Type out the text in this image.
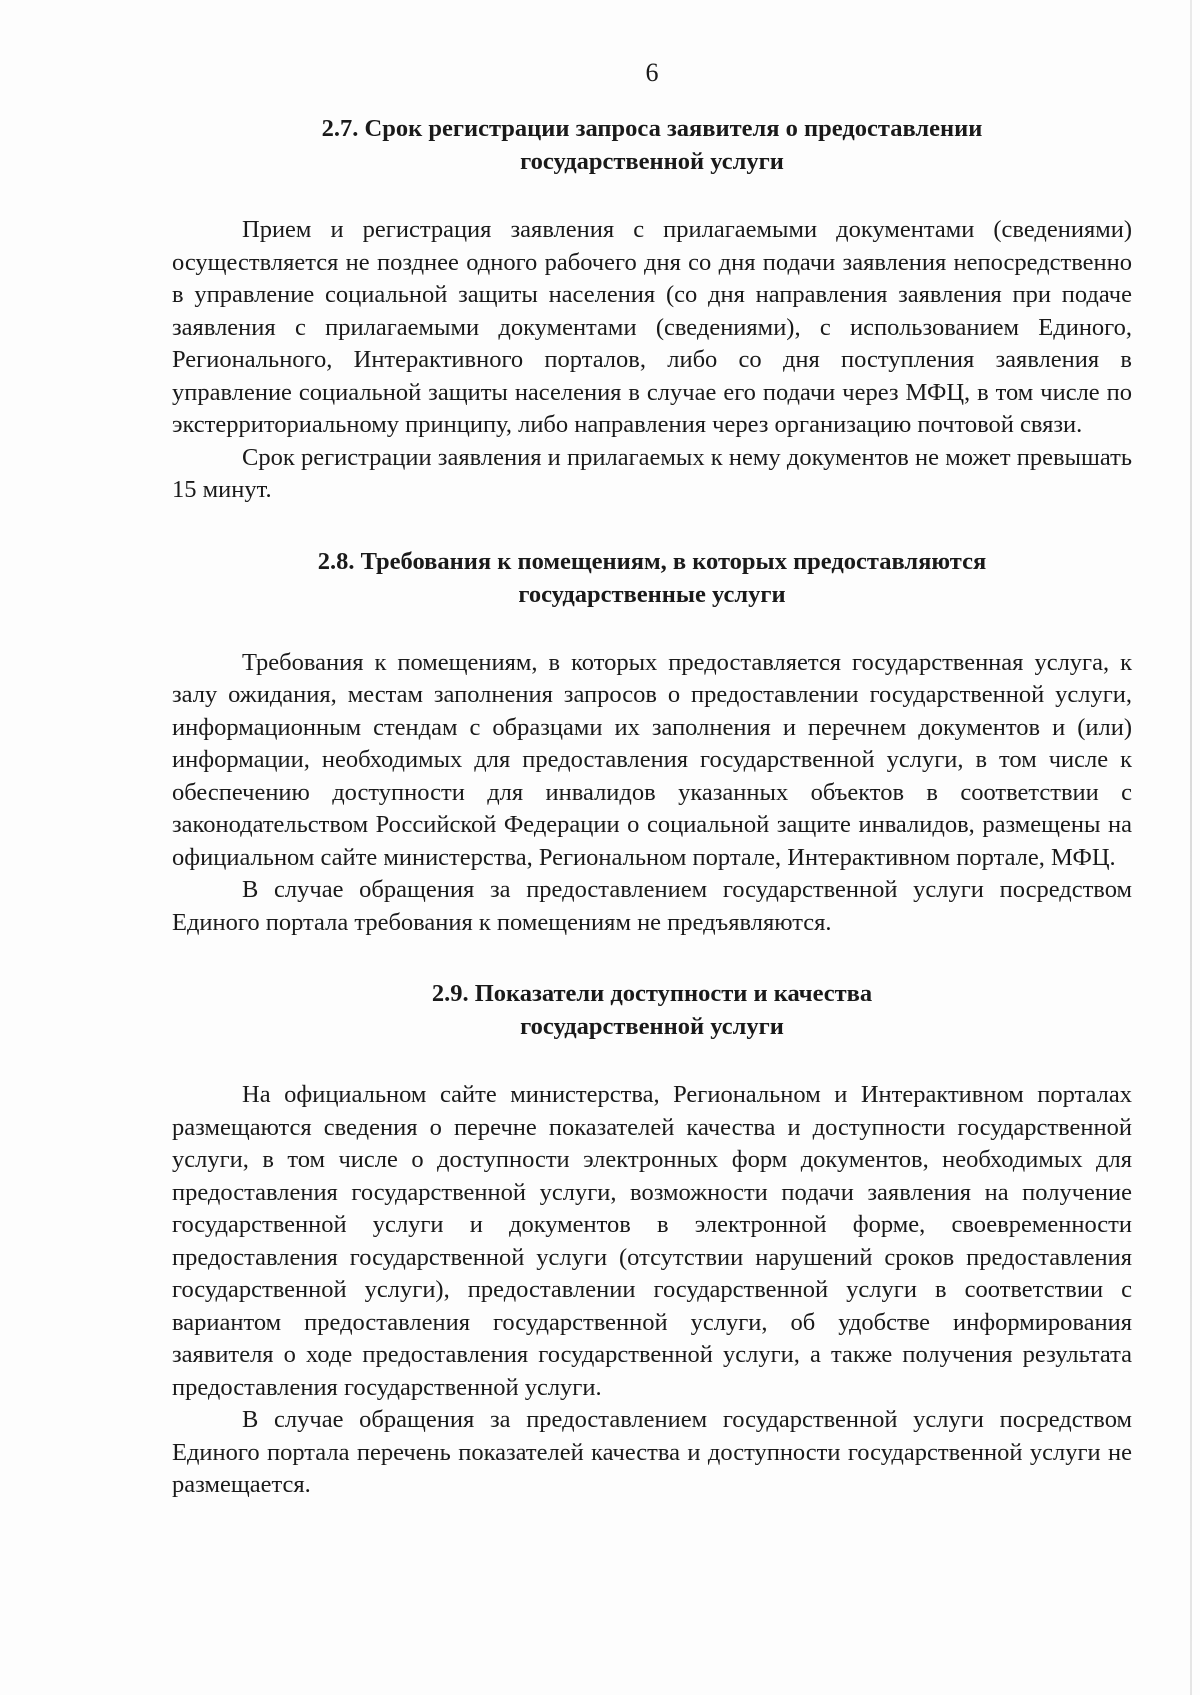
6
2.7. Срок регистрации запроса заявителя о предоставлении
государственной услуги

Прием и регистрация заявления с прилагаемыми документами (сведениями) осуществляется не позднее одного рабочего дня со дня подачи заявления непосредственно в управление социальной защиты населения (со дня направления заявления при подаче заявления с прилагаемыми документами (сведениями), с использованием Единого, Регионального, Интерактивного порталов, либо со дня поступления заявления в управление социальной защиты населения в случае его подачи через МФЦ, в том числе по экстерриториальному принципу, либо направления через организацию почтовой связи.

Срок регистрации заявления и прилагаемых к нему документов не может превышать 15 минут.

2.8. Требования к помещениям, в которых предоставляются
государственные услуги

Требования к помещениям, в которых предоставляется государственная услуга, к залу ожидания, местам заполнения запросов о предоставлении государственной услуги, информационным стендам с образцами их заполнения и перечнем документов и (или) информации, необходимых для предоставления государственной услуги, в том числе к обеспечению доступности для инвалидов указанных объектов в соответствии с законодательством Российской Федерации о социальной защите инвалидов, размещены на официальном сайте министерства, Региональном портале, Интерактивном портале, МФЦ.

В случае обращения за предоставлением государственной услуги посредством Единого портала требования к помещениям не предъявляются.

2.9. Показатели доступности и качества
государственной услуги

На официальном сайте министерства, Региональном и Интерактивном порталах размещаются сведения о перечне показателей качества и доступности государственной услуги, в том числе о доступности электронных форм документов, необходимых для предоставления государственной услуги, возможности подачи заявления на получение государственной услуги и документов в электронной форме, своевременности предоставления государственной услуги (отсутствии нарушений сроков предоставления государственной услуги), предоставлении государственной услуги в соответствии с вариантом предоставления государственной услуги, об удобстве информирования заявителя о ходе предоставления государственной услуги, а также получения результата предоставления государственной услуги.

В случае обращения за предоставлением государственной услуги посредством Единого портала перечень показателей качества и доступности государственной услуги не размещается.
